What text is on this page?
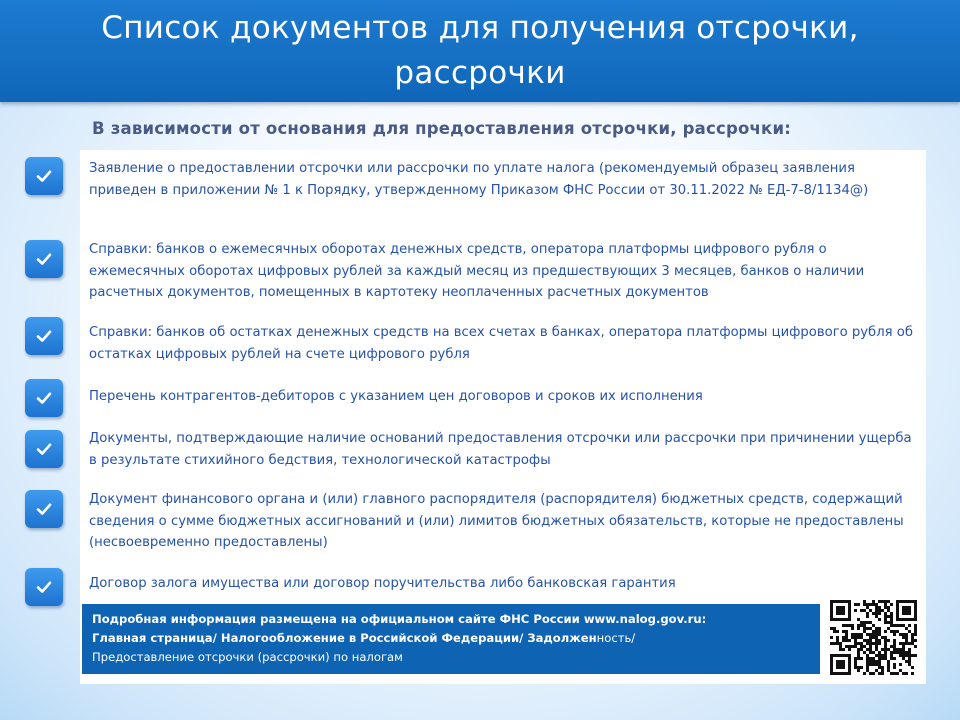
Список документов для получения отсрочки,
рассрочки
В зависимости от основания для предоставления отсрочки, рассрочки:
Заявление о предоставлении отсрочки или рассрочки по уплате налога (рекомендуемый образец заявления приведен в приложении № 1 к Порядку, утвержденному Приказом ФНС России от 30.11.2022 № ЕД-7-8/1134@)
Справки: банков о ежемесячных оборотах денежных средств, оператора платформы цифрового рубля о ежемесячных оборотах цифровых рублей за каждый месяц из предшествующих 3 месяцев, банков о наличии расчетных документов, помещенных в картотеку неоплаченных расчетных документов
Справки: банков об остатках денежных средств на всех счетах в банках, оператора платформы цифрового рубля об остатках цифровых рублей на счете цифрового рубля
Перечень контрагентов-дебиторов с указанием цен договоров и сроков их исполнения
Документы, подтверждающие наличие оснований предоставления отсрочки или рассрочки при причинении ущерба в результате стихийного бедствия, технологической катастрофы
Документ финансового органа и (или) главного распорядителя (распорядителя) бюджетных средств, содержащий сведения о сумме бюджетных ассигнований и (или) лимитов бюджетных обязательств, которые не предоставлены (несвоевременно предоставлены)
Договор залога имущества или договор поручительства либо банковская гарантия
Подробная информация размещена на официальном сайте ФНС России www.nalog.gov.ru:
Главная страница/ Налогообложение в Российской Федерации/ Задолженность/
Предоставление отсрочки (рассрочки) по налогам
